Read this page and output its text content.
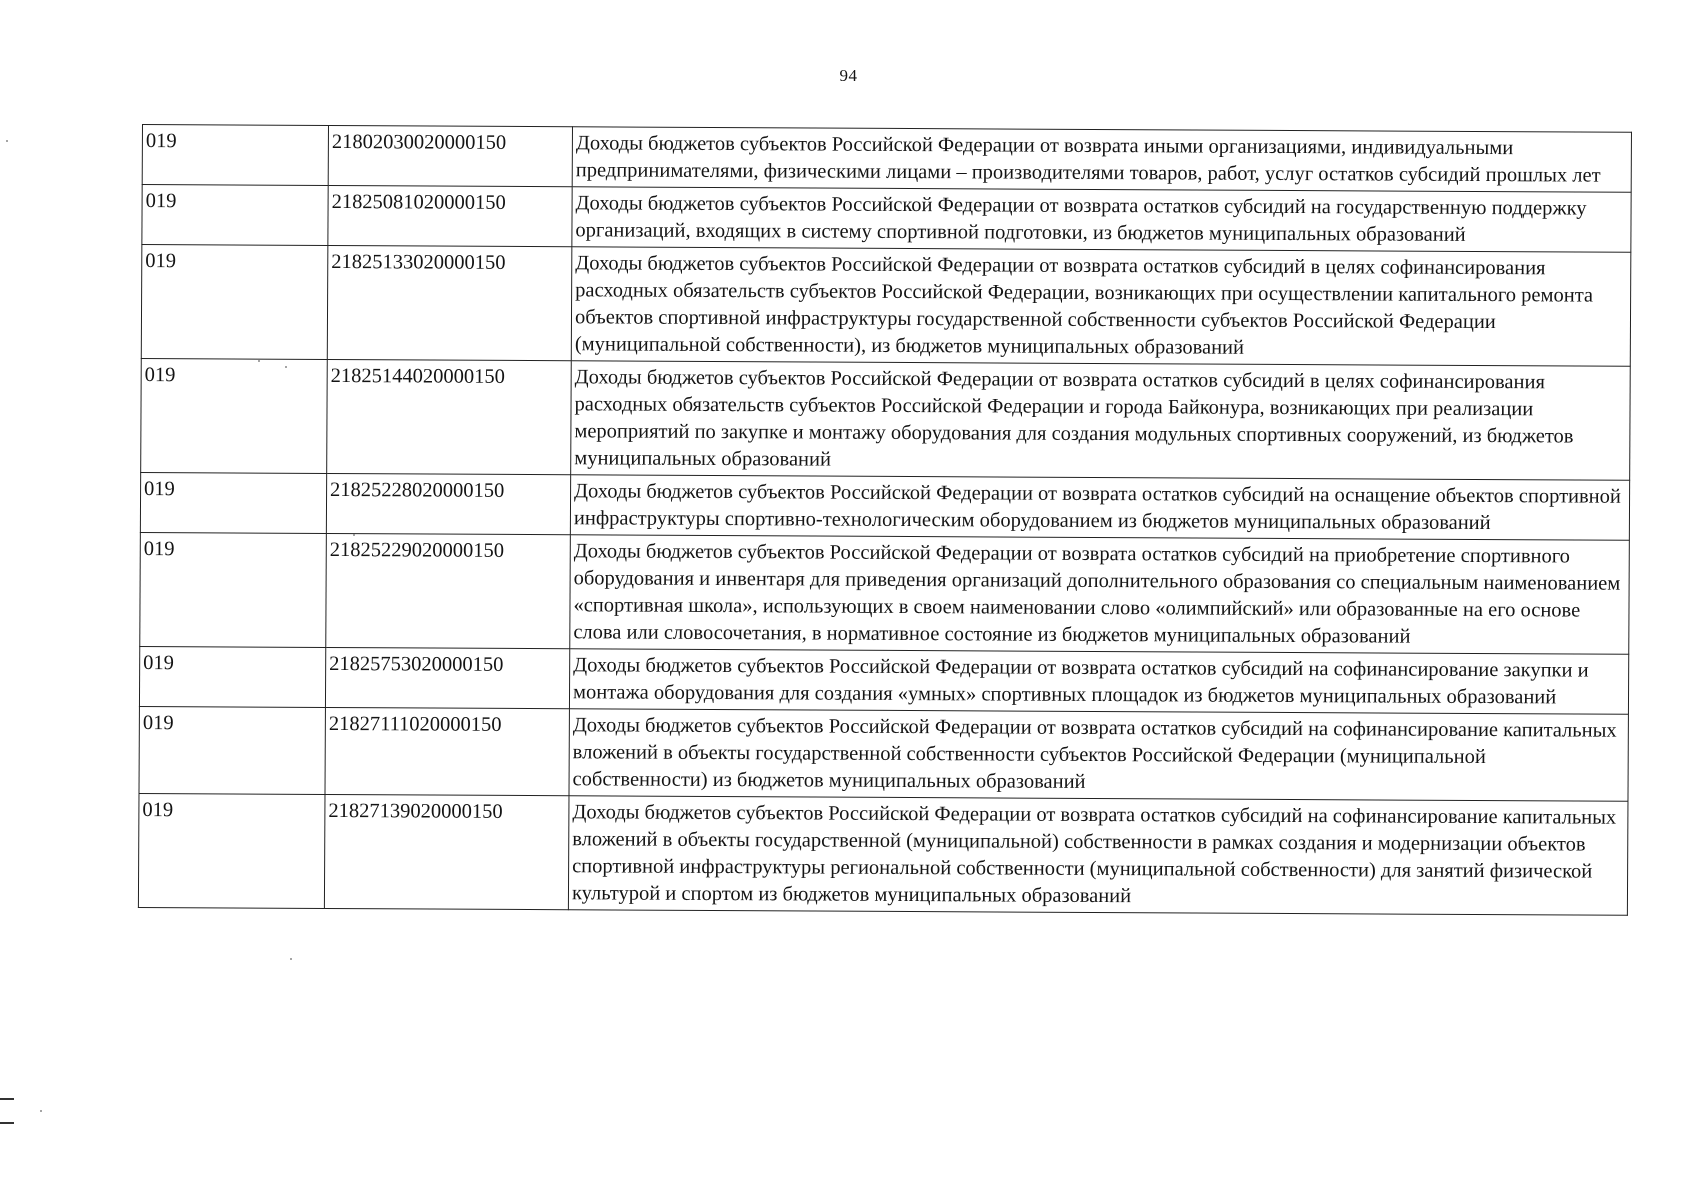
94
019	21802030020000150	Доходы бюджетов субъектов Российской Федерации от возврата иными организациями, индивидуальными предпринимателями, физическими лицами – производителями товаров, работ, услуг остатков субсидий прошлых лет
019	21825081020000150	Доходы бюджетов субъектов Российской Федерации от возврата остатков субсидий на государственную поддержку организаций, входящих в систему спортивной подготовки, из бюджетов муниципальных образований
019	21825133020000150	Доходы бюджетов субъектов Российской Федерации от возврата остатков субсидий в целях софинансирования расходных обязательств субъектов Российской Федерации, возникающих при осуществлении капитального ремонта объектов спортивной инфраструктуры государственной собственности субъектов Российской Федерации (муниципальной собственности), из бюджетов муниципальных образований
019	21825144020000150	Доходы бюджетов субъектов Российской Федерации от возврата остатков субсидий в целях софинансирования расходных обязательств субъектов Российской Федерации и города Байконура, возникающих при реализации мероприятий по закупке и монтажу оборудования для создания модульных спортивных сооружений, из бюджетов муниципальных образований
019	21825228020000150	Доходы бюджетов субъектов Российской Федерации от возврата остатков субсидий на оснащение объектов спортивной инфраструктуры спортивно-технологическим оборудованием из бюджетов муниципальных образований
019	21825229020000150	Доходы бюджетов субъектов Российской Федерации от возврата остатков субсидий на приобретение спортивного оборудования и инвентаря для приведения организаций дополнительного образования со специальным наименованием «спортивная школа», использующих в своем наименовании слово «олимпийский» или образованные на его основе слова или словосочетания, в нормативное состояние из бюджетов муниципальных образований
019	21825753020000150	Доходы бюджетов субъектов Российской Федерации от возврата остатков субсидий на софинансирование закупки и монтажа оборудования для создания «умных» спортивных площадок из бюджетов муниципальных образований
019	21827111020000150	Доходы бюджетов субъектов Российской Федерации от возврата остатков субсидий на софинансирование капитальных вложений в объекты государственной собственности субъектов Российской Федерации (муниципальной собственности) из бюджетов муниципальных образований
019	21827139020000150	Доходы бюджетов субъектов Российской Федерации от возврата остатков субсидий на софинансирование капитальных вложений в объекты государственной (муниципальной) собственности в рамках создания и модернизации объектов спортивной инфраструктуры региональной собственности (муниципальной собственности) для занятий физической культурой и спортом из бюджетов муниципальных образований
